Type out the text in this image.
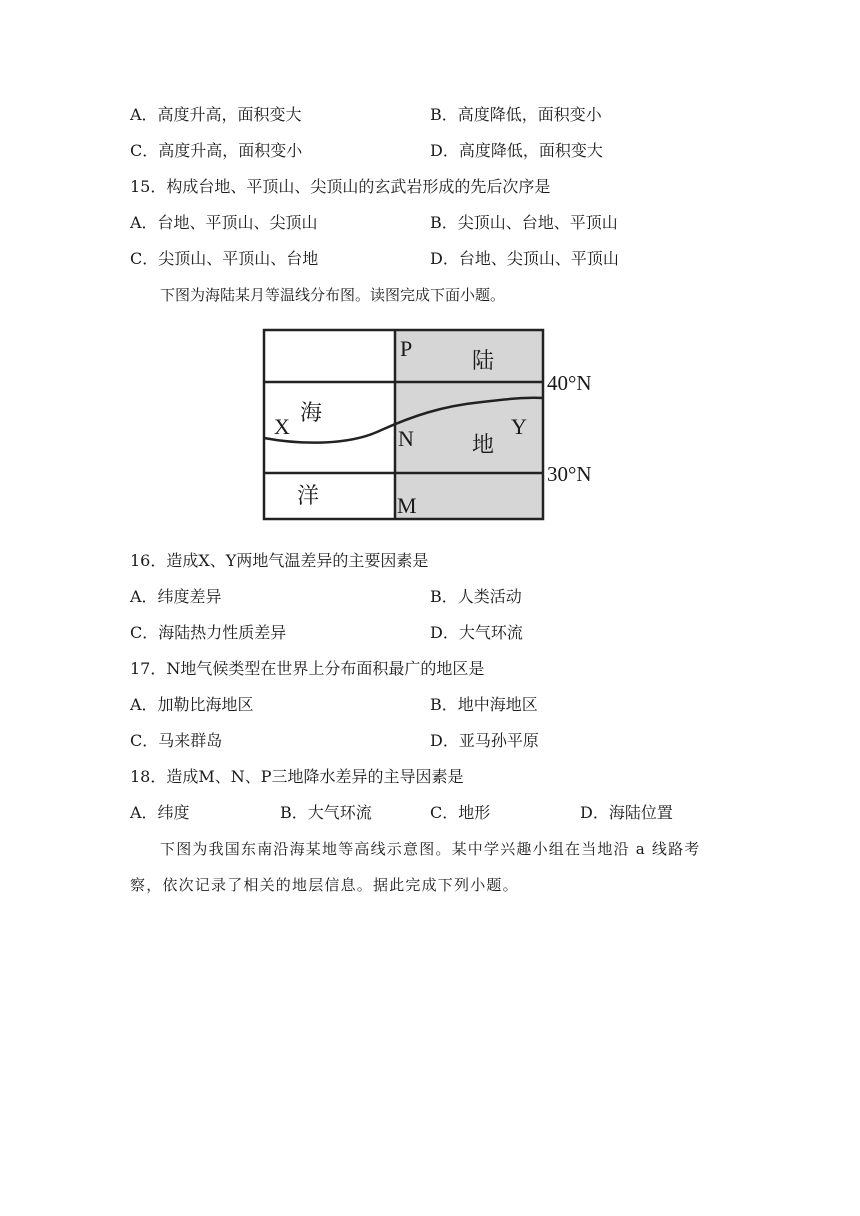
A．高度升高，面积变大	B．高度降低，面积变小
C．高度升高，面积变小	D．高度降低，面积变大
15．构成台地、平顶山、尖顶山的玄武岩形成的先后次序是
A．台地、平顶山、尖顶山	B．尖顶山、台地、平顶山
C．尖顶山、平顶山、台地	D．台地、尖顶山、平顶山
下图为海陆某月等温线分布图。读图完成下面小题。
P	陆
海
X	N	地
Y
洋	M
40°N
30°N
16．造成X、Y两地气温差异的主要因素是
A．纬度差异	B．人类活动
C．海陆热力性质差异	D．大气环流
17．N地气候类型在世界上分布面积最广的地区是
A．加勒比海地区	B．地中海地区
C．马来群岛	D．亚马孙平原
18．造成M、N、P三地降水差异的主导因素是
A．纬度	B．大气环流	C．地形	D．海陆位置
下图为我国东南沿海某地等高线示意图。某中学兴趣小组在当地沿 a 线路考
察，依次记录了相关的地层信息。据此完成下列小题。
